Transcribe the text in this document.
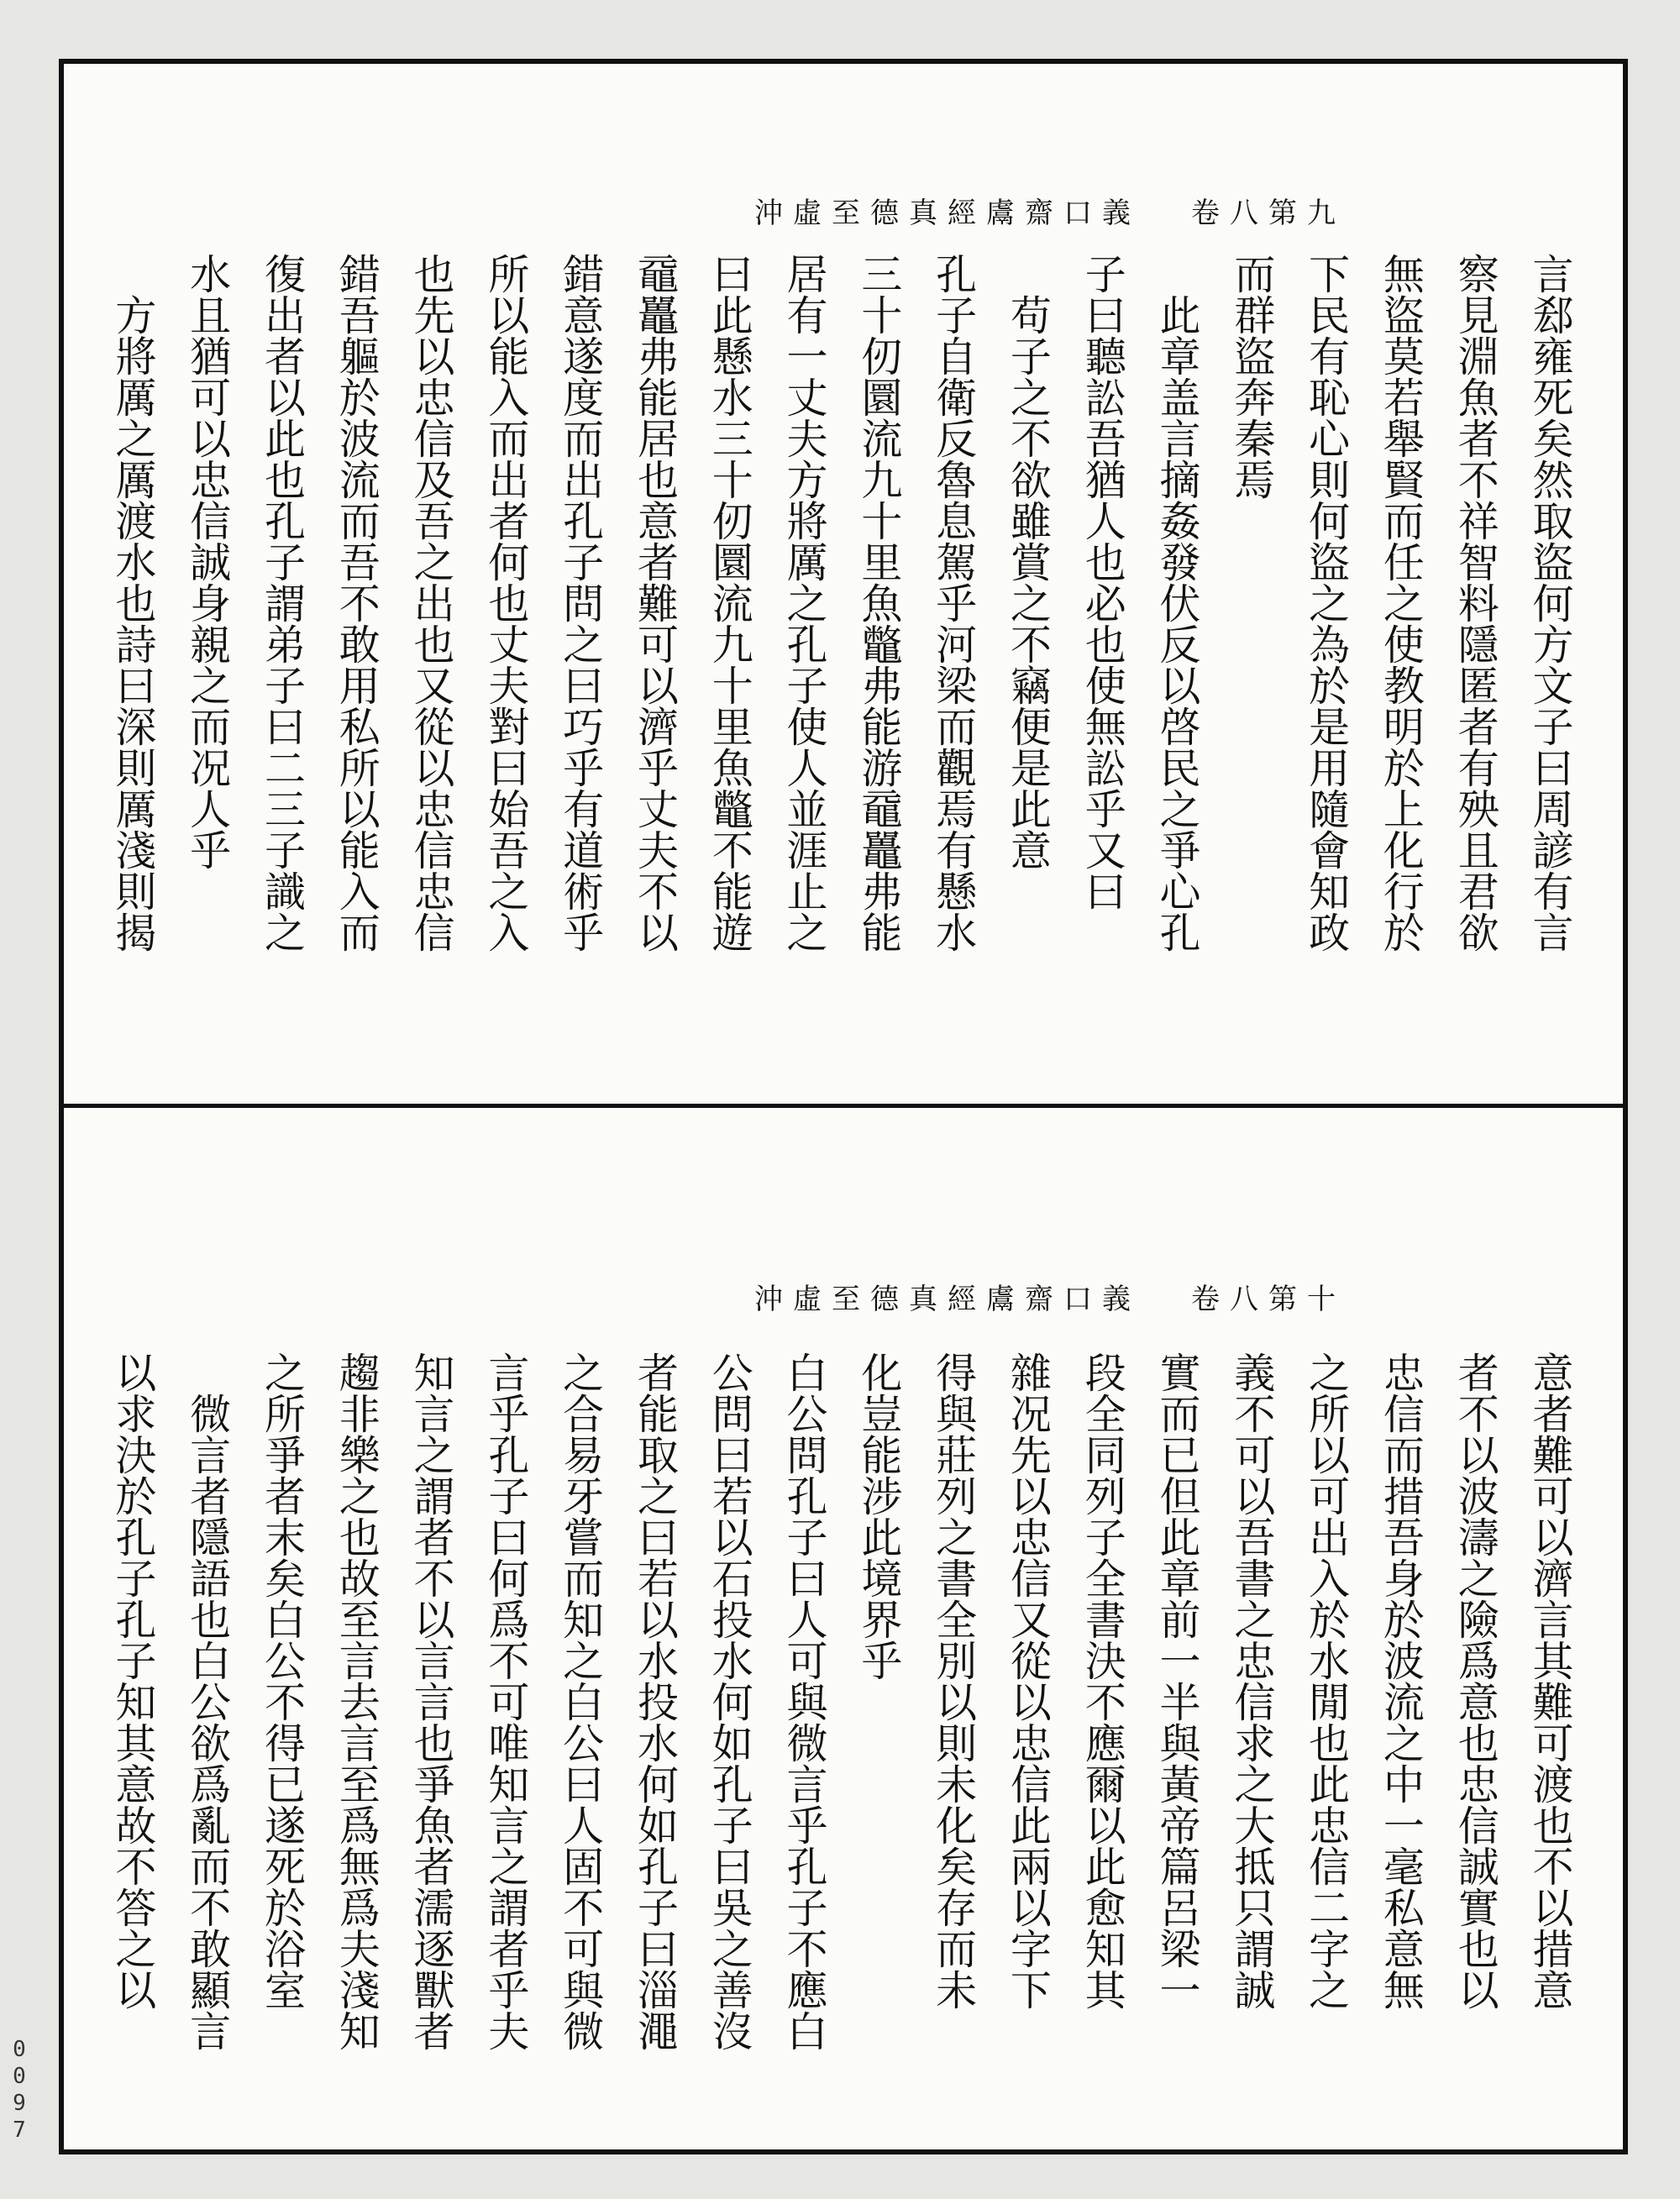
沖虛至德真經鬳齋口義 卷八第九
言郄雍死矣然取盜何方文子曰周諺有言
察見淵魚者不祥智料隱匿者有殃且君欲
無盜莫若舉賢而任之使教明於上化行於
下民有恥心則何盜之為於是用隨會知政
而群盜奔秦焉
此章盖言摘姦發伏反以啓民之爭心孔
子曰聽訟吾猶人也必也使無訟乎又曰
苟子之不欲雖賞之不竊便是此意
孔子自衛反魯息駕乎河梁而觀焉有懸水
三十仞圜流九十里魚鼈弗能游黿鼉弗能
居有一丈夫方將厲之孔子使人並涯止之
曰此懸水三十仞圜流九十里魚鼈不能遊
黿鼉弗能居也意者難可以濟乎丈夫不以
錯意遂度而出孔子問之曰巧乎有道術乎
所以能入而出者何也丈夫對曰始吾之入
也先以忠信及吾之出也又從以忠信忠信
錯吾軀於波流而吾不敢用私所以能入而
復出者以此也孔子謂弟子曰二三子識之
水且猶可以忠信誠身親之而况人乎
方將厲之厲渡水也詩曰深則厲淺則揭
沖虛至德真經鬳齋口義 卷八第十
意者難可以濟言其難可渡也不以措意
者不以波濤之險爲意也忠信誠實也以
忠信而措吾身於波流之中一毫私意無
之所以可出入於水閒也此忠信二字之
義不可以吾書之忠信求之大抵只謂誠
實而已但此章前一半與黃帝篇呂梁一
段全同列子全書決不應爾以此愈知其
雜况先以忠信又從以忠信此兩以字下
得與莊列之書全別以則未化矣存而未
化豈能涉此境界乎
白公問孔子曰人可與微言乎孔子不應白
公問曰若以石投水何如孔子曰吳之善沒
者能取之曰若以水投水何如孔子曰淄澠
之合易牙嘗而知之白公曰人固不可與微
言乎孔子曰何爲不可唯知言之謂者乎夫
知言之謂者不以言言也爭魚者濡逐獸者
趨非樂之也故至言去言至爲無爲夫淺知
之所爭者末矣白公不得已遂死於浴室
微言者隱語也白公欲爲亂而不敢顯言
以求決於孔子孔子知其意故不答之以
0097
